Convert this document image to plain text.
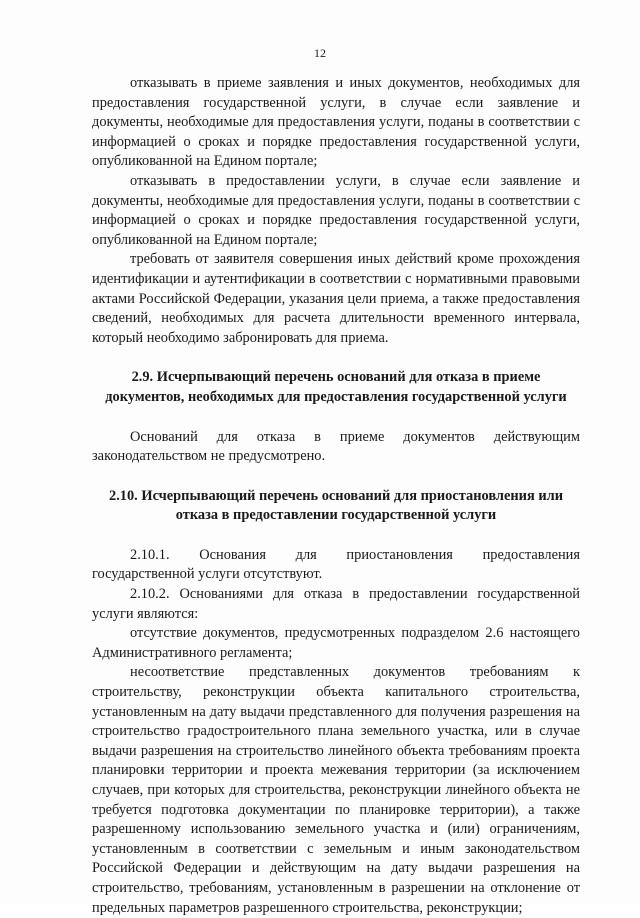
12

отказывать в приеме заявления и иных документов, необходимых для предоставления государственной услуги, в случае если заявление и документы, необходимые для предоставления услуги, поданы в соответствии с информацией о сроках и порядке предоставления государственной услуги, опубликованной на Едином портале;

отказывать в предоставлении услуги, в случае если заявление и документы, необходимые для предоставления услуги, поданы в соответствии с информацией о сроках и порядке предоставления государственной услуги, опубликованной на Едином портале;

требовать от заявителя совершения иных действий кроме прохождения идентификации и аутентификации в соответствии с нормативными правовыми актами Российской Федерации, указания цели приема, а также предоставления сведений, необходимых для расчета длительности временного интервала, который необходимо забронировать для приема.

2.9. Исчерпывающий перечень оснований для отказа в приеме документов, необходимых для предоставления государственной услуги

Оснований для отказа в приеме документов действующим законодательством не предусмотрено.

2.10. Исчерпывающий перечень оснований для приостановления или отказа в предоставлении государственной услуги

2.10.1. Основания для приостановления предоставления государственной услуги отсутствуют.

2.10.2. Основаниями для отказа в предоставлении государственной услуги являются:

отсутствие документов, предусмотренных подразделом 2.6 настоящего Административного регламента;

несоответствие представленных документов требованиям к строительству, реконструкции объекта капитального строительства, установленным на дату выдачи представленного для получения разрешения на строительство градостроительного плана земельного участка, или в случае выдачи разрешения на строительство линейного объекта требованиям проекта планировки территории и проекта межевания территории (за исключением случаев, при которых для строительства, реконструкции линейного объекта не требуется подготовка документации по планировке территории), а также разрешенному использованию земельного участка и (или) ограничениям, установленным в соответствии с земельным и иным законодательством Российской Федерации и действующим на дату выдачи разрешения на строительство, требованиям, установленным в разрешении на отклонение от предельных параметров разрешенного строительства, реконструкции;
